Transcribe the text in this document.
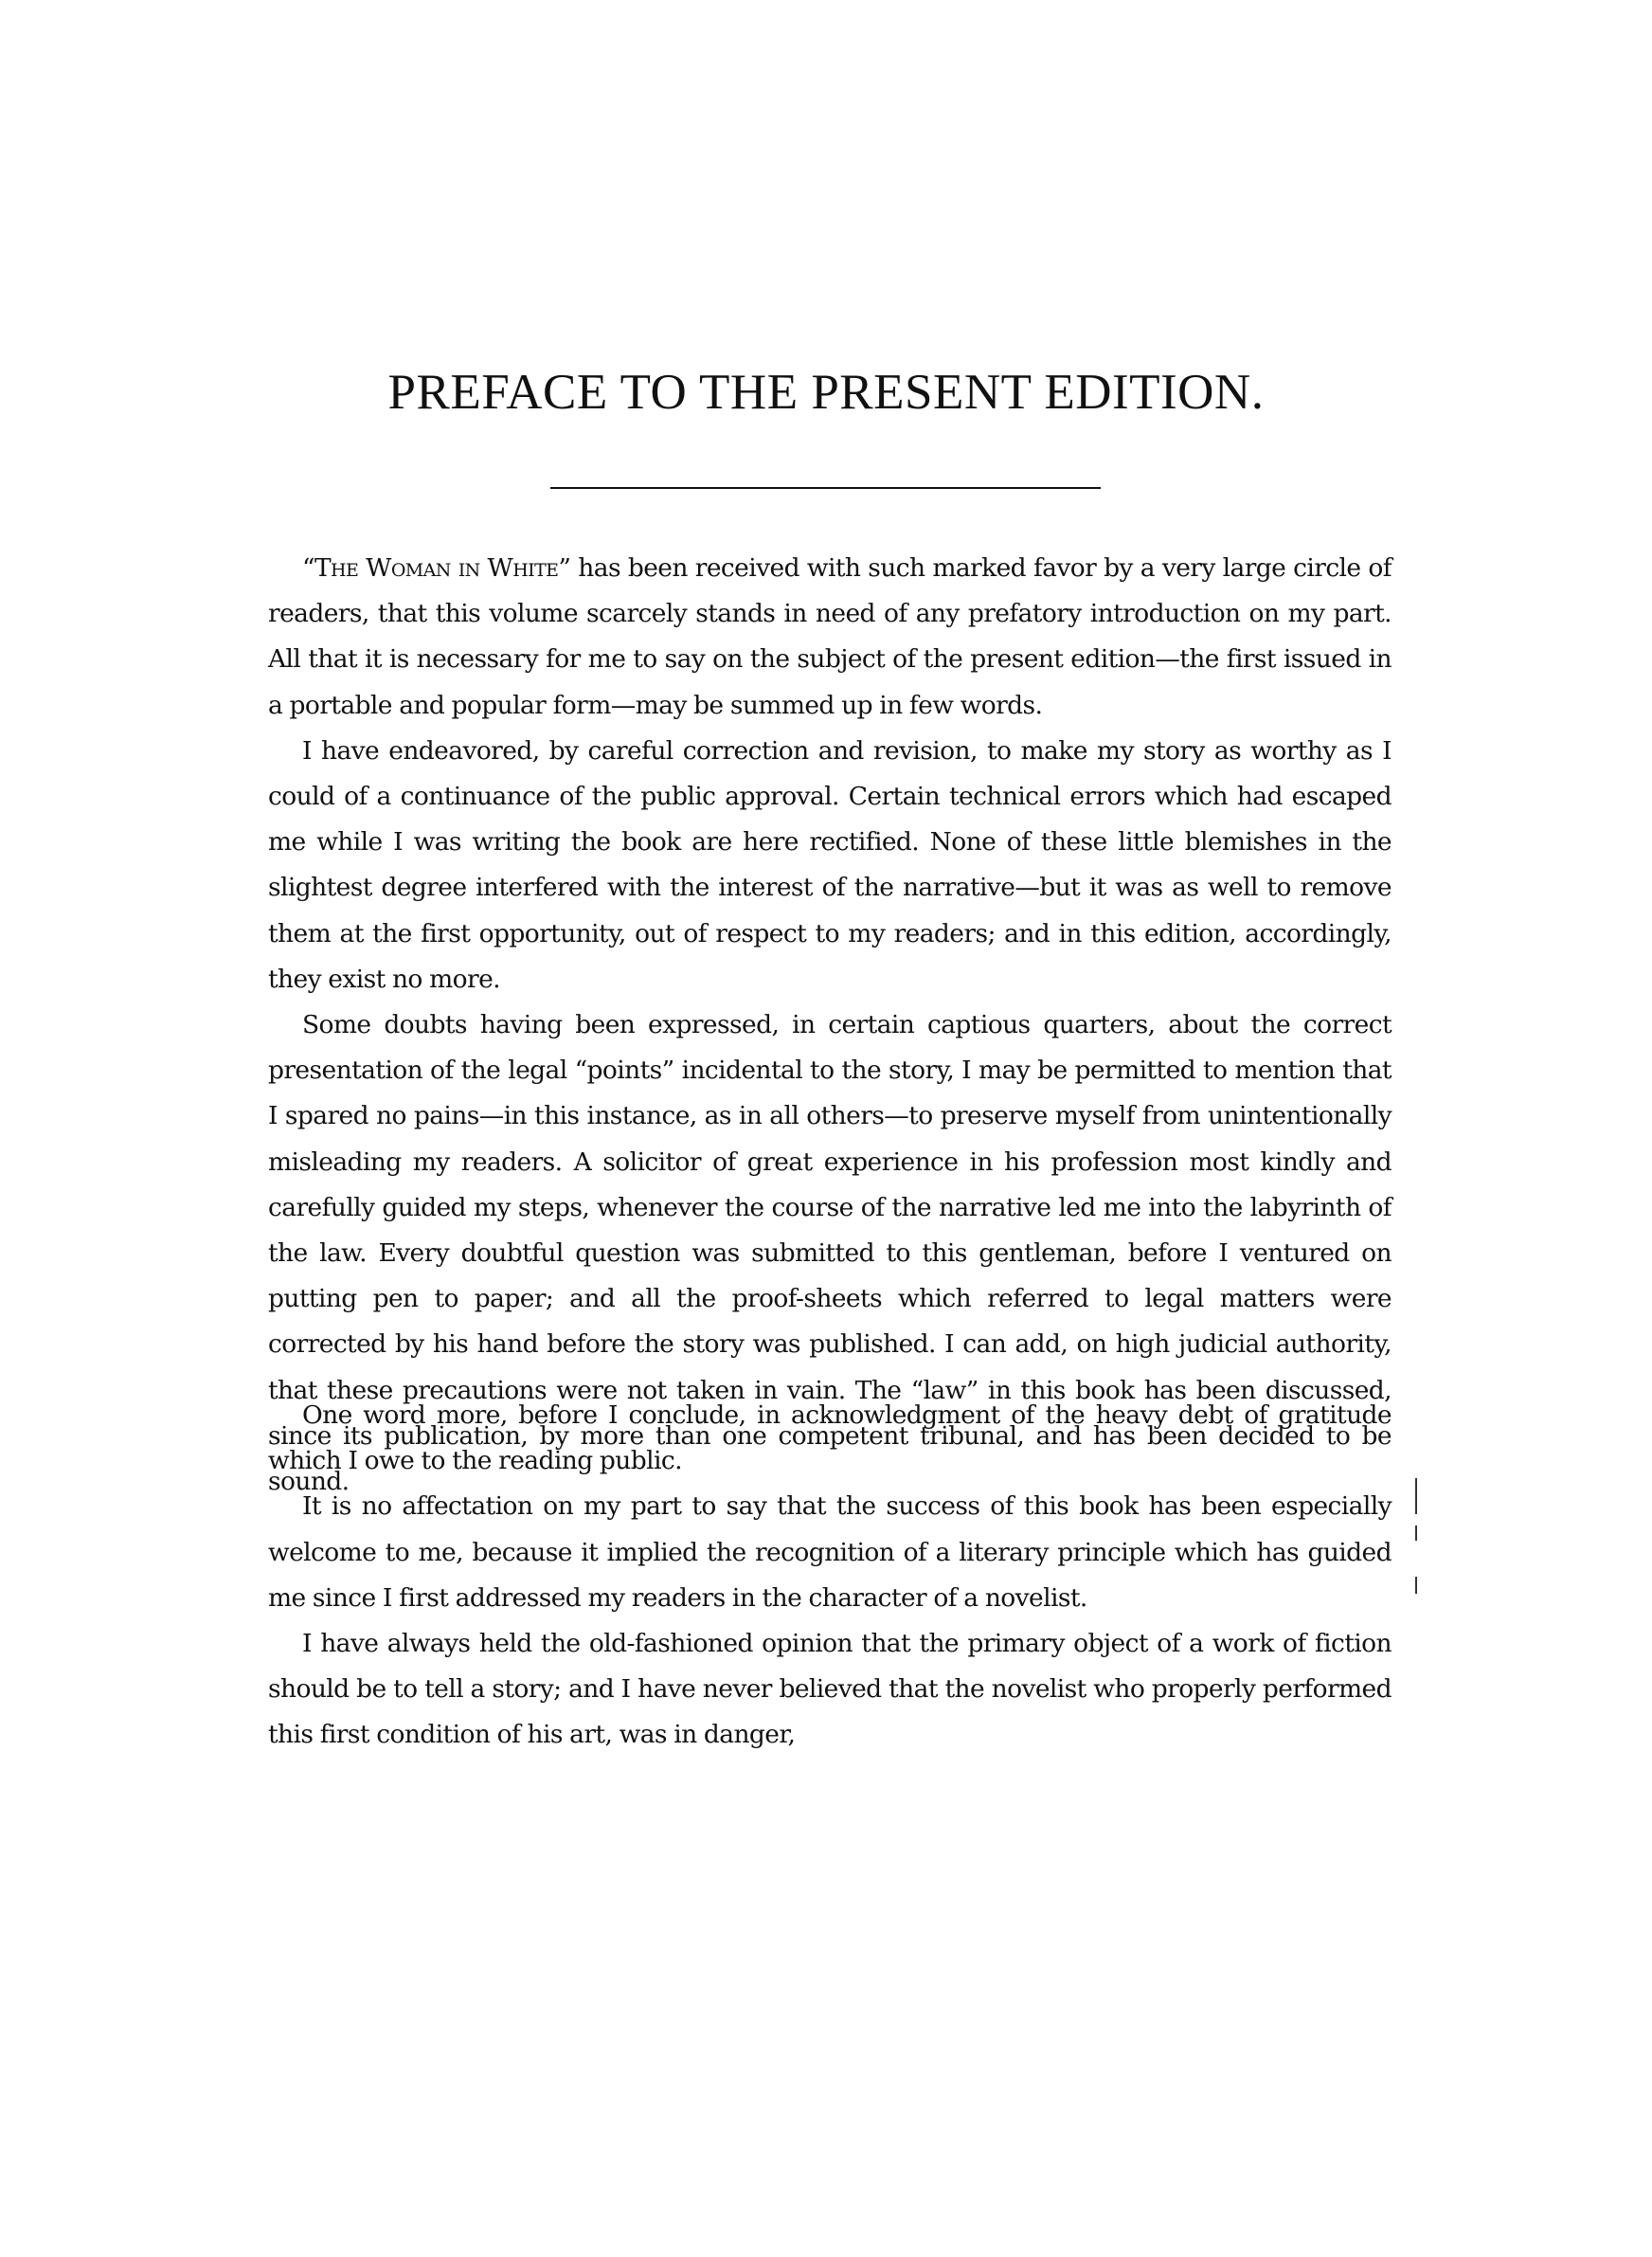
PREFACE TO THE PRESENT EDITION.

“The Woman in White” has been received with such marked favor by a very large circle of readers, that this volume scarcely stands in need of any prefatory introduction on my part. All that it is necessary for me to say on the subject of the present edition—the first issued in a portable and popular form—may be summed up in few words.

I have endeavored, by careful correction and revision, to make my story as worthy as I could of a continuance of the public approval. Certain technical errors which had escaped me while I was writing the book are here rectified. None of these little blemishes in the slightest degree interfered with the interest of the narrative—but it was as well to remove them at the first opportunity, out of respect to my readers; and in this edition, accordingly, they exist no more.

Some doubts having been expressed, in certain captious quarters, about the correct presentation of the legal “points” incidental to the story, I may be permitted to mention that I spared no pains—in this instance, as in all others—to preserve myself from unintentionally misleading my readers. A solicitor of great experience in his profession most kindly and carefully guided my steps, whenever the course of the narrative led me into the labyrinth of the law. Every doubtful question was submitted to this gentleman, before I ventured on putting pen to paper; and all the proof-sheets which referred to legal matters were corrected by his hand before the story was published. I can add, on high judicial authority, that these precautions were not taken in vain. The “law” in this book has been discussed, since its publication, by more than one competent tribunal, and has been decided to be sound.

One word more, before I conclude, in acknowledgment of the heavy debt of gratitude which I owe to the reading public.

It is no affectation on my part to say that the success of this book has been especially welcome to me, because it implied the recognition of a literary principle which has guided me since I first addressed my readers in the character of a novelist.

I have always held the old-fashioned opinion that the primary object of a work of fiction should be to tell a story; and I have never believed that the novelist who properly performed this first condition of his art, was in danger,
